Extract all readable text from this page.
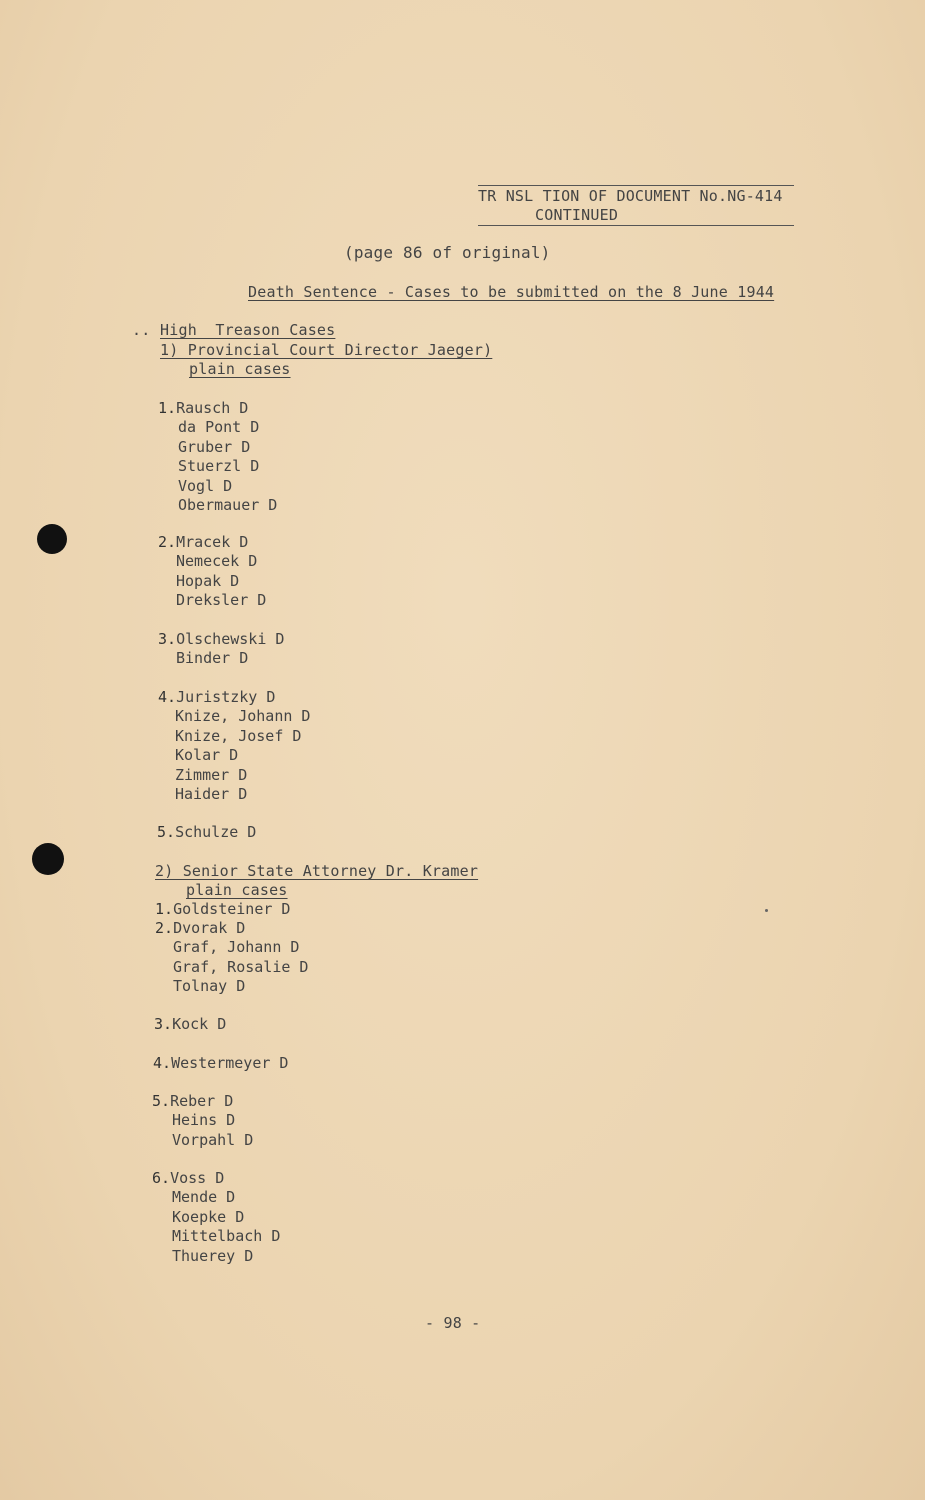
TR NSL TION OF DOCUMENT No.NG-414
CONTINUED
(page 86 of original)
Death Sentence - Cases to be submitted on the 8 June 1944
.. High  Treason Cases
1) Provincial Court Director Jaeger)
plain cases
1.Rausch D
da Pont D
Gruber D
Stuerzl D
Vogl D
Obermauer D
2.Mracek D
Nemecek D
Hopak D
Dreksler D
3.Olschewski D
Binder D
4.Juristzky D
Knize, Johann D
Knize, Josef D
Kolar D
Zimmer D
Haider D
5.Schulze D
2) Senior State Attorney Dr. Kramer
plain cases
1.Goldsteiner D
2.Dvorak D
Graf, Johann D
Graf, Rosalie D
Tolnay D
3.Kock D
4.Westermeyer D
5.Reber D
Heins D
Vorpahl D
6.Voss D
Mende D
Koepke D
Mittelbach D
Thuerey D
- 98 -
